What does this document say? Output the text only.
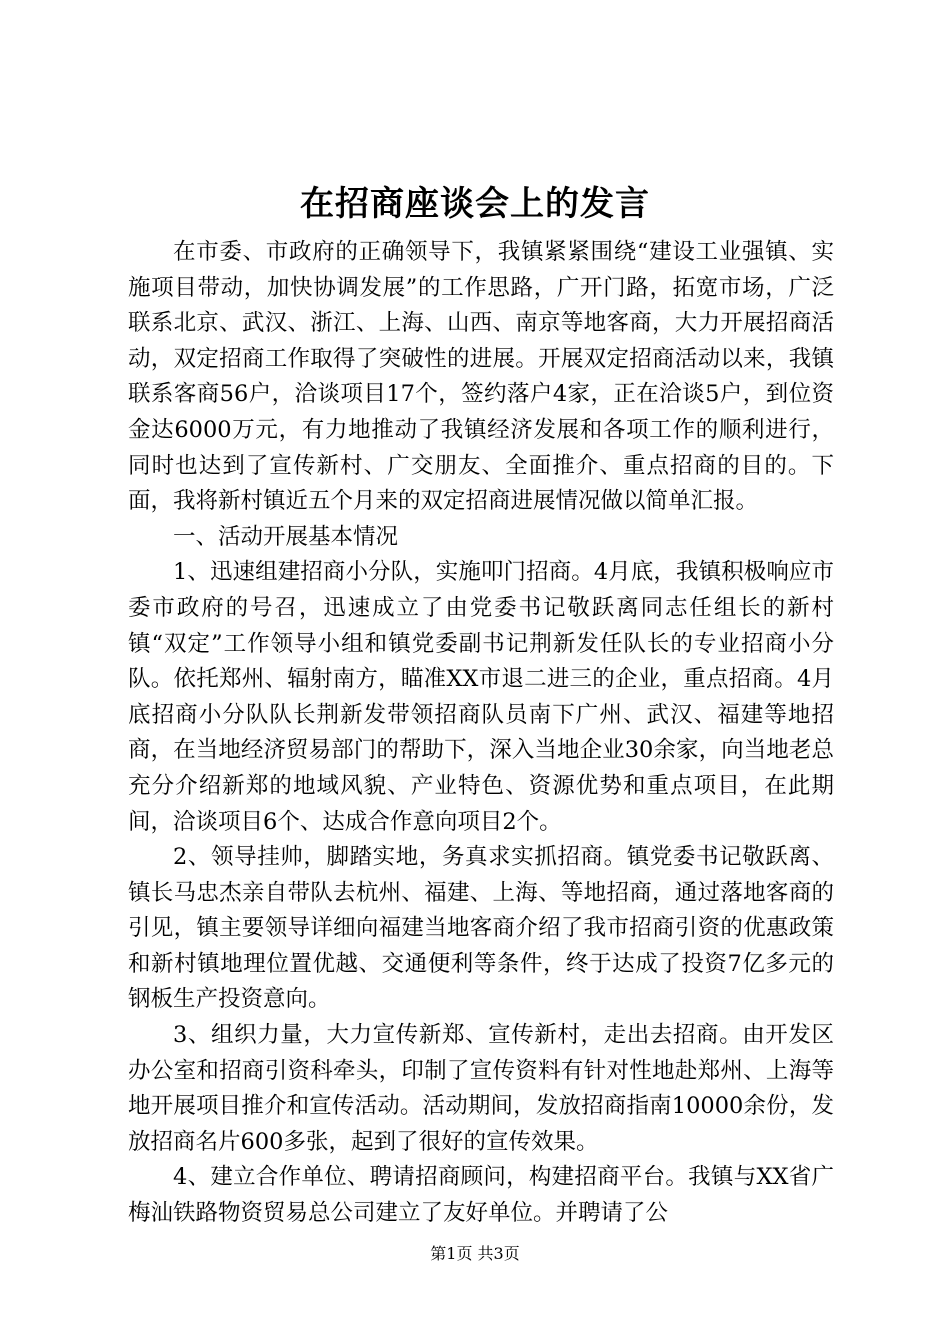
在招商座谈会上的发言

在市委、市政府的正确领导下，我镇紧紧围绕“建设工业强镇、实施项目带动，加快协调发展”的工作思路，广开门路，拓宽市场，广泛联系北京、武汉、浙江、上海、山西、南京等地客商，大力开展招商活动，双定招商工作取得了突破性的进展。开展双定招商活动以来，我镇联系客商56户，洽谈项目17个，签约落户4家，正在洽谈5户，到位资金达6000万元，有力地推动了我镇经济发展和各项工作的顺利进行，同时也达到了宣传新村、广交朋友、全面推介、重点招商的目的。下面，我将新村镇近五个月来的双定招商进展情况做以简单汇报。

一、活动开展基本情况

1、迅速组建招商小分队，实施叩门招商。4月底，我镇积极响应市委市政府的号召，迅速成立了由党委书记敬跃离同志任组长的新村镇“双定”工作领导小组和镇党委副书记荆新发任队长的专业招商小分队。依托郑州、辐射南方，瞄准XX市退二进三的企业，重点招商。4月底招商小分队队长荆新发带领招商队员南下广州、武汉、福建等地招商，在当地经济贸易部门的帮助下，深入当地企业30余家，向当地老总充分介绍新郑的地域风貌、产业特色、资源优势和重点项目，在此期间，洽谈项目6个、达成合作意向项目2个。

2、领导挂帅，脚踏实地，务真求实抓招商。镇党委书记敬跃离、镇长马忠杰亲自带队去杭州、福建、上海、等地招商，通过落地客商的引见，镇主要领导详细向福建当地客商介绍了我市招商引资的优惠政策和新村镇地理位置优越、交通便利等条件，终于达成了投资7亿多元的钢板生产投资意向。

3、组织力量，大力宣传新郑、宣传新村，走出去招商。由开发区办公室和招商引资科牵头，印制了宣传资料有针对性地赴郑州、上海等地开展项目推介和宣传活动。活动期间，发放招商指南10000余份，发放招商名片600多张，起到了很好的宣传效果。

4、建立合作单位、聘请招商顾问，构建招商平台。我镇与XX省广梅汕铁路物资贸易总公司建立了友好单位。并聘请了公

第1页 共3页
